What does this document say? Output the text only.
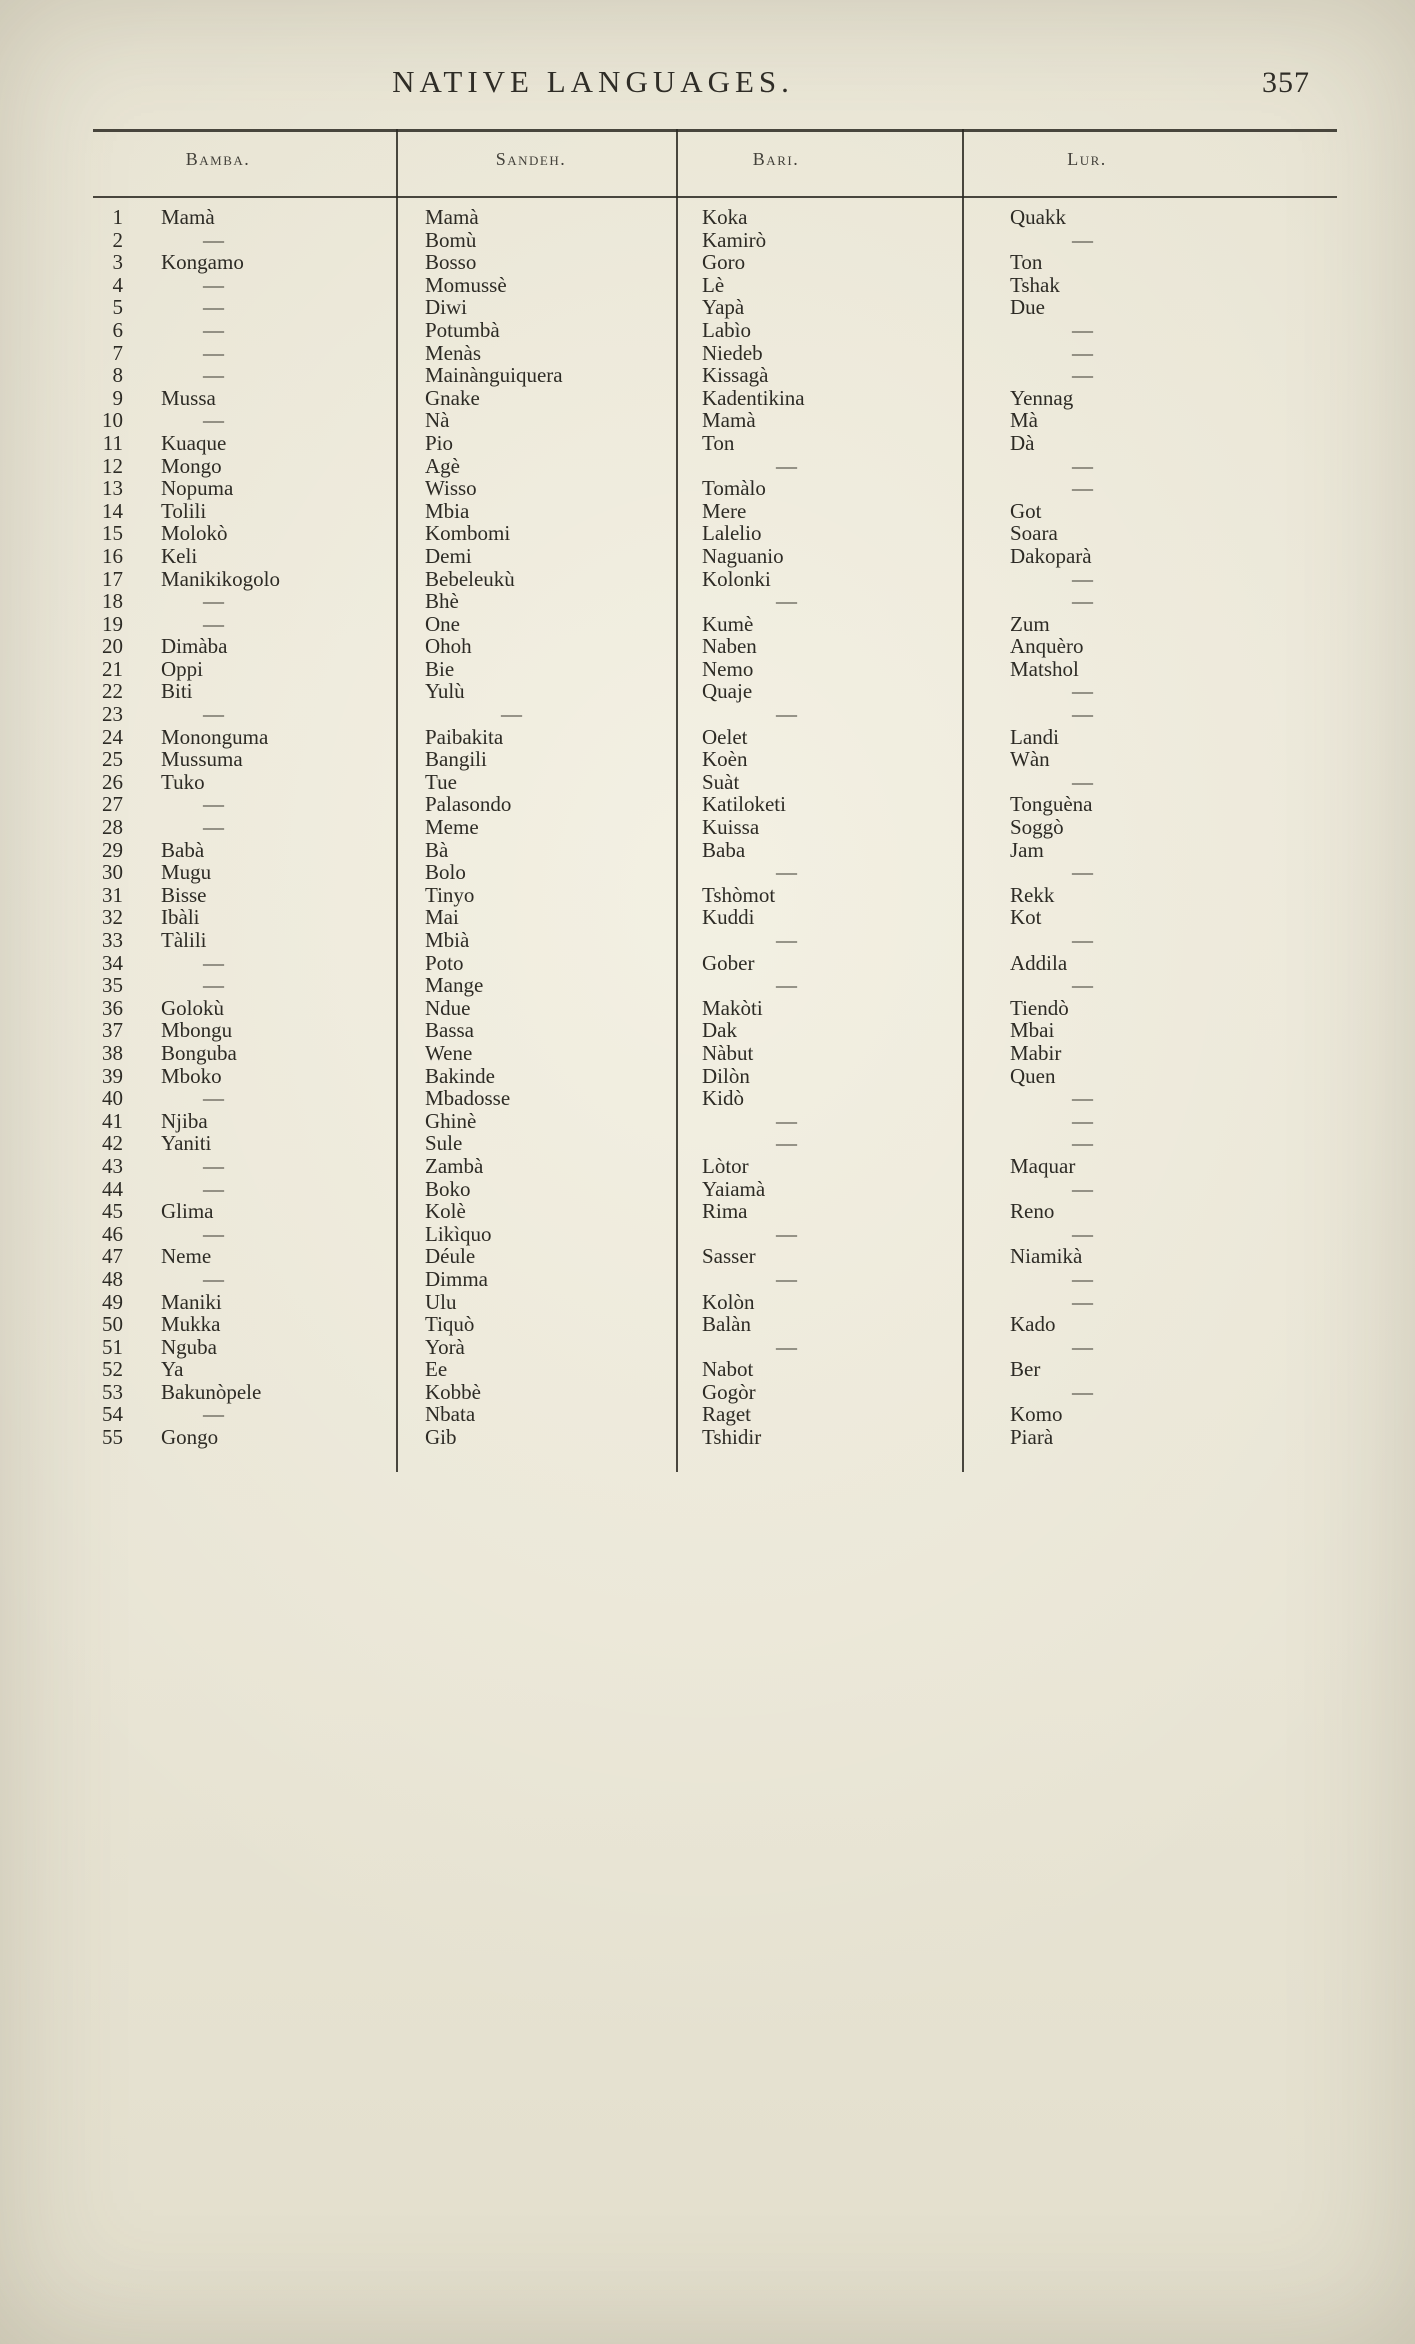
NATIVE LANGUAGES.	357
Bamba.	Sandeh.	Bari.	Lur.
1	Mamà	Mamà	Koka	Quakk
2	—	Bomù	Kamirò	—
3	Kongamo	Bosso	Goro	Ton
4	—	Momussè	Lè	Tshak
5	—	Diwi	Yapà	Due
6	—	Potumbà	Labìo	—
7	—	Menàs	Niedeb	—
8	—	Mainànguiquera	Kissagà	—
9	Mussa	Gnake	Kadentikina	Yennag
10	—	Nà	Mamà	Mà
11	Kuaque	Pio	Ton	Dà
12	Mongo	Agè	—	—
13	Nopuma	Wisso	Tomàlo	—
14	Tolili	Mbia	Mere	Got
15	Molokò	Kombomi	Lalelio	Soara
16	Keli	Demi	Naguanio	Dakoparà
17	Manikikogolo	Bebeleukù	Kolonki	—
18	—	Bhè	—	—
19	—	One	Kumè	Zum
20	Dimàba	Ohoh	Naben	Anquèro
21	Oppi	Bie	Nemo	Matshol
22	Biti	Yulù	Quaje	—
23	—	—	—	—
24	Mononguma	Paibakita	Oelet	Landi
25	Mussuma	Bangili	Koèn	Wàn
26	Tuko	Tue	Suàt	—
27	—	Palasondo	Katiloketi	Tonguèna
28	—	Meme	Kuissa	Soggò
29	Babà	Bà	Baba	Jam
30	Mugu	Bolo	—	—
31	Bisse	Tinyo	Tshòmot	Rekk
32	Ibàli	Mai	Kuddi	Kot
33	Tàlili	Mbià	—	—
34	—	Poto	Gober	Addila
35	—	Mange	—	—
36	Golokù	Ndue	Makòti	Tiendò
37	Mbongu	Bassa	Dak	Mbai
38	Bonguba	Wene	Nàbut	Mabir
39	Mboko	Bakinde	Dilòn	Quen
40	—	Mbadosse	Kidò	—
41	Njiba	Ghinè	—	—
42	Yaniti	Sule	—	—
43	—	Zambà	Lòtor	Maquar
44	—	Boko	Yaiamà	—
45	Glima	Kolè	Rima	Reno
46	—	Likìquo	—	—
47	Neme	Déule	Sasser	Niamikà
48	—	Dimma	—	—
49	Maniki	Ulu	Kolòn	—
50	Mukka	Tiquò	Balàn	Kado
51	Nguba	Yorà	—	—
52	Ya	Ee	Nabot	Ber
53	Bakunòpele	Kobbè	Gogòr	—
54	—	Nbata	Raget	Komo
55	Gongo	Gib	Tshidir	Piarà
